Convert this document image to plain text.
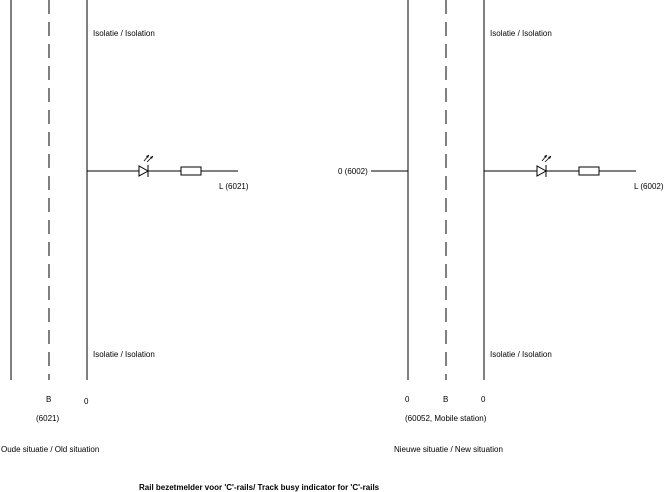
Isolatie / Isolation
Isolatie / Isolation
L (6021)
B	0
(6021)
Oude situatie / Old situation
Isolatie / Isolation
Isolatie / Isolation
0 (6002)
L (6002)
0	B	0
(60052, Mobile station)
Nieuwe situatie / New situation
Rail bezetmelder voor 'C'-rails/ Track busy indicator for 'C'-rails
